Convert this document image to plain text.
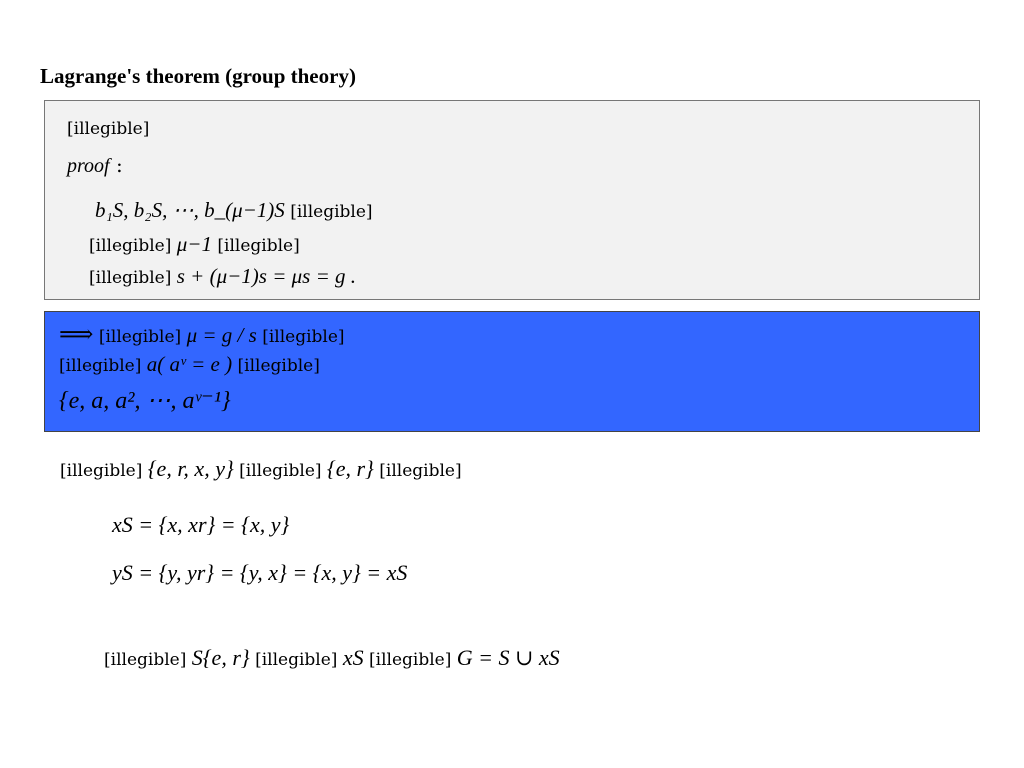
Lagrange's theorem (group theory)
[illegible]
proof :
b₁S, b₂S, ⋯, b_(μ−1)S [illegible]
[illegible] μ−1 [illegible]
[illegible] s + (μ−1)s = μs = g .
⟹ [illegible] μ = g / s [illegible]
[illegible] a( aᵛ = e ) [illegible]
{e, a, a², ⋯, aᵛ⁻¹}
[illegible] {e, r, x, y} [illegible] {e, r} [illegible]
xS = {x, xr} = {x, y}
yS = {y, yr} = {y, x} = {x, y} = xS
[illegible] S{e, r} [illegible] xS [illegible] G = S ∪ xS
